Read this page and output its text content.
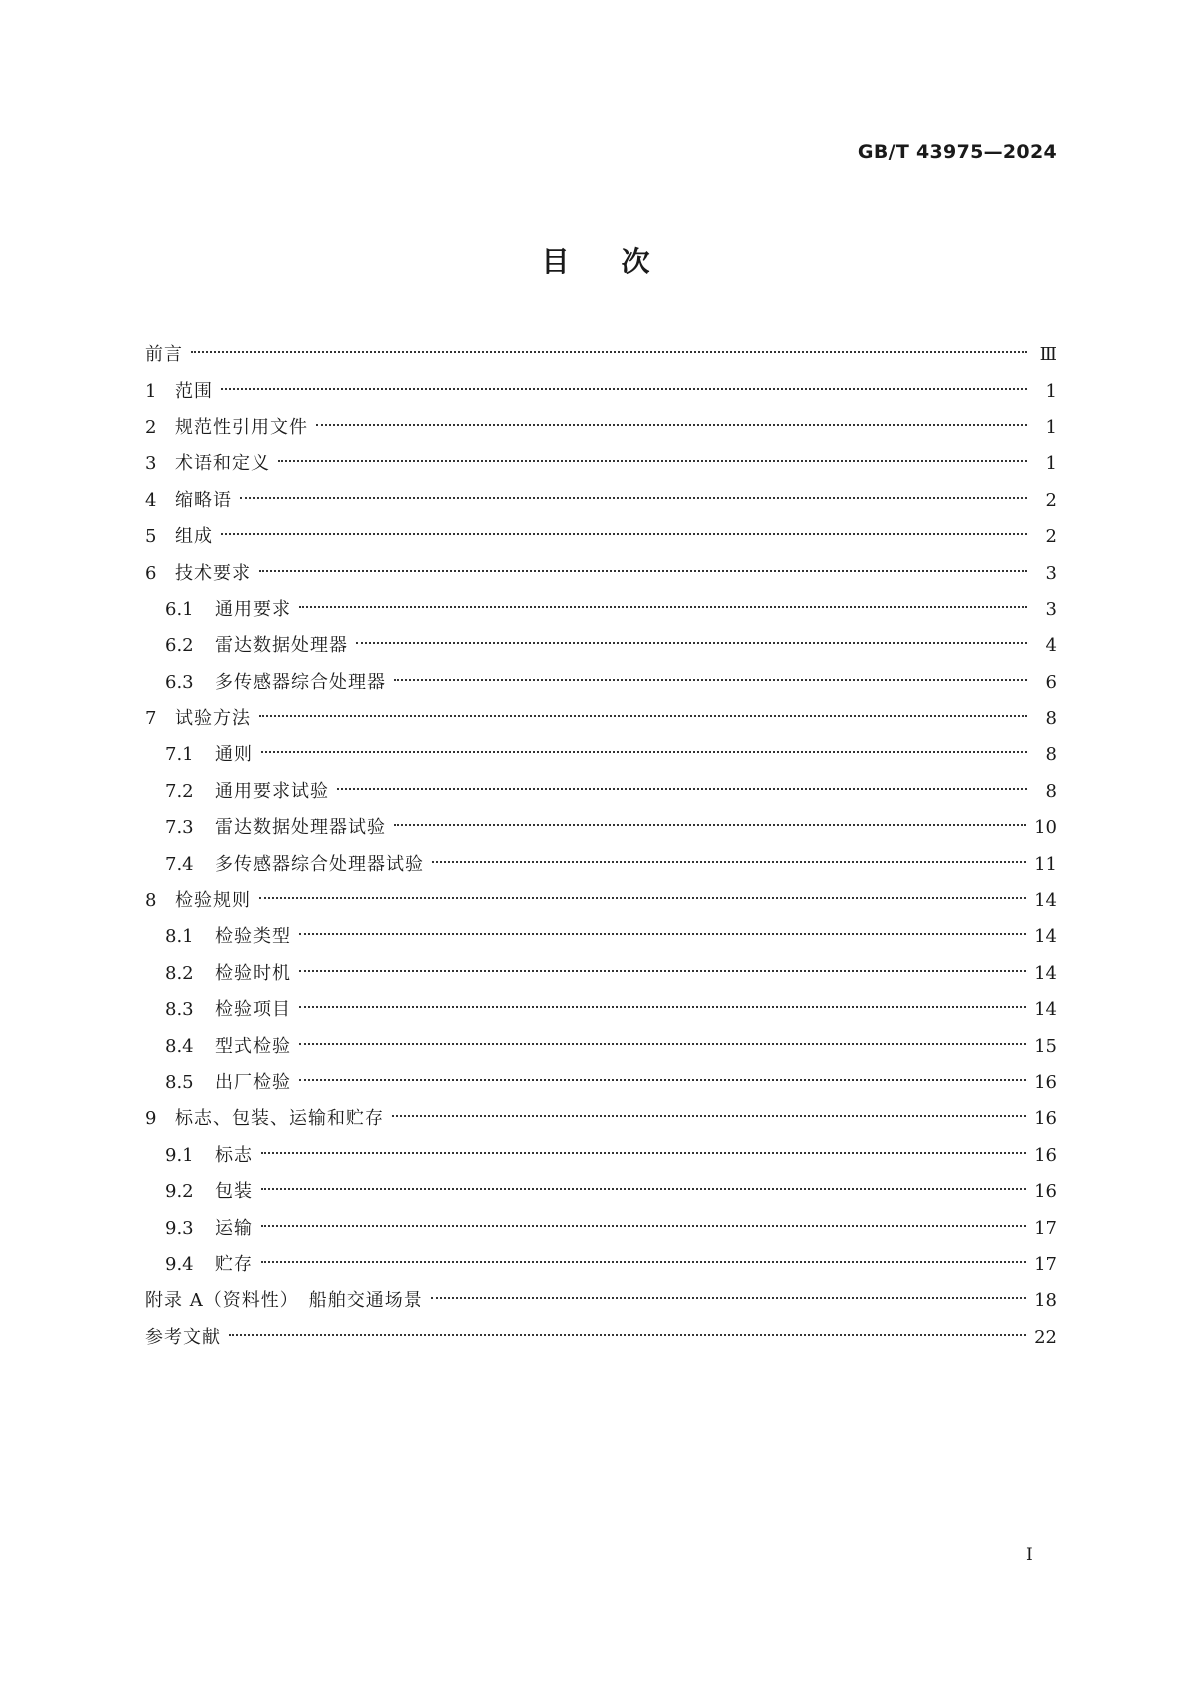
GB/T 43975—2024
目 次
前言	Ⅲ
1	范围	1
2	规范性引用文件	1
3	术语和定义	1
4	缩略语	2
5	组成	2
6	技术要求	3
6.1	通用要求	3
6.2	雷达数据处理器	4
6.3	多传感器综合处理器	6
7	试验方法	8
7.1	通则	8
7.2	通用要求试验	8
7.3	雷达数据处理器试验	10
7.4	多传感器综合处理器试验	11
8	检验规则	14
8.1	检验类型	14
8.2	检验时机	14
8.3	检验项目	14
8.4	型式检验	15
8.5	出厂检验	16
9	标志、包装、运输和贮存	16
9.1	标志	16
9.2	包装	16
9.3	运输	17
9.4	贮存	17
附录 A（资料性）　船舶交通场景	18
参考文献	22
Ⅰ
